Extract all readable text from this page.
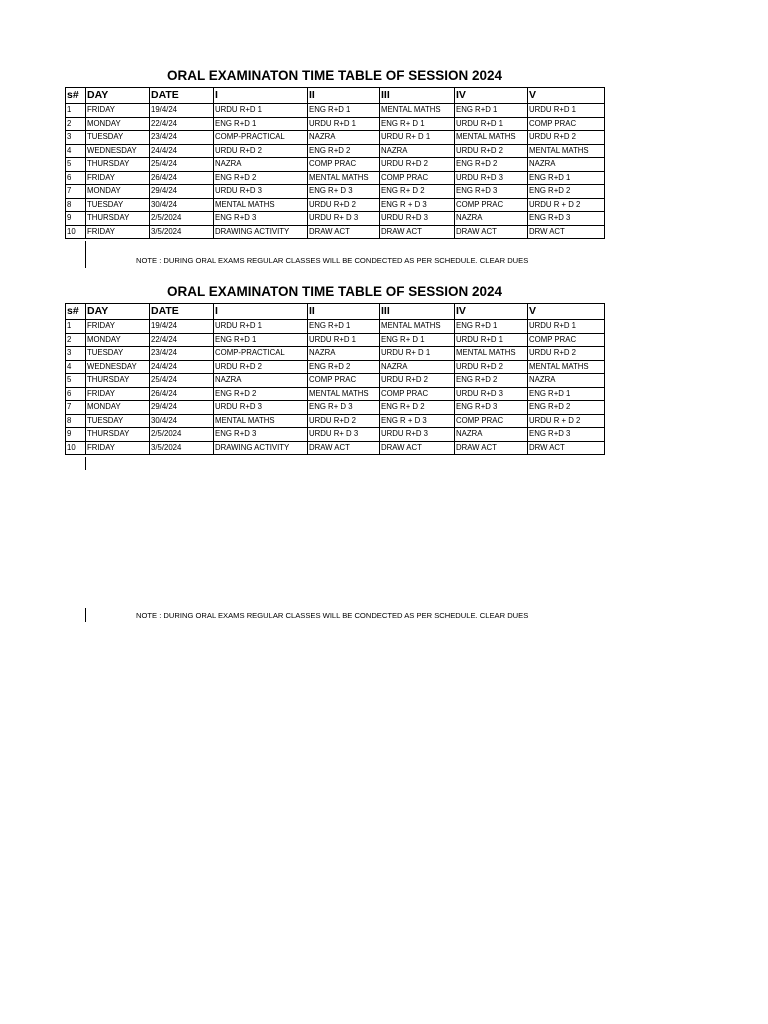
ORAL EXAMINATON TIME TABLE OF SESSION 2024
s#	DAY	DATE	I	II	III	IV	V
1	FRIDAY	19/4/24	URDU R+D 1	ENG R+D 1	MENTAL MATHS	ENG R+D 1	URDU R+D 1
2	MONDAY	22/4/24	ENG R+D 1	URDU R+D 1	ENG R+ D 1	URDU R+D 1	COMP PRAC
3	TUESDAY	23/4/24	COMP-PRACTICAL	NAZRA	URDU R+ D 1	MENTAL MATHS	URDU R+D 2
4	WEDNESDAY	24/4/24	URDU R+D 2	ENG R+D 2	NAZRA	URDU R+D 2	MENTAL MATHS
5	THURSDAY	25/4/24	NAZRA	COMP PRAC	URDU R+D 2	ENG R+D 2	NAZRA
6	FRIDAY	26/4/24	ENG R+D 2	MENTAL MATHS	COMP PRAC	URDU R+D 3	ENG R+D 1
7	MONDAY	29/4/24	URDU R+D 3	ENG R+ D 3	ENG R+ D 2	ENG R+D 3	ENG R+D 2
8	TUESDAY	30/4/24	MENTAL MATHS	URDU R+D 2	ENG R + D 3	COMP PRAC	URDU R + D 2
9	THURSDAY	2/5/2024	ENG R+D 3	URDU R+ D 3	URDU R+D 3	NAZRA	ENG R+D 3
10	FRIDAY	3/5/2024	DRAWING ACTIVITY	DRAW ACT	DRAW ACT	DRAW ACT	DRW ACT
NOTE : DURING ORAL EXAMS REGULAR CLASSES WILL BE CONDECTED AS PER SCHEDULE. CLEAR DUES
ORAL EXAMINATON TIME TABLE OF SESSION 2024
s#	DAY	DATE	I	II	III	IV	V
1	FRIDAY	19/4/24	URDU R+D 1	ENG R+D 1	MENTAL MATHS	ENG R+D 1	URDU R+D 1
2	MONDAY	22/4/24	ENG R+D 1	URDU R+D 1	ENG R+ D 1	URDU R+D 1	COMP PRAC
3	TUESDAY	23/4/24	COMP-PRACTICAL	NAZRA	URDU R+ D 1	MENTAL MATHS	URDU R+D 2
4	WEDNESDAY	24/4/24	URDU R+D 2	ENG R+D 2	NAZRA	URDU R+D 2	MENTAL MATHS
5	THURSDAY	25/4/24	NAZRA	COMP PRAC	URDU R+D 2	ENG R+D 2	NAZRA
6	FRIDAY	26/4/24	ENG R+D 2	MENTAL MATHS	COMP PRAC	URDU R+D 3	ENG R+D 1
7	MONDAY	29/4/24	URDU R+D 3	ENG R+ D 3	ENG R+ D 2	ENG R+D 3	ENG R+D 2
8	TUESDAY	30/4/24	MENTAL MATHS	URDU R+D 2	ENG R + D 3	COMP PRAC	URDU R + D 2
9	THURSDAY	2/5/2024	ENG R+D 3	URDU R+ D 3	URDU R+D 3	NAZRA	ENG R+D 3
10	FRIDAY	3/5/2024	DRAWING ACTIVITY	DRAW ACT	DRAW ACT	DRAW ACT	DRW ACT
NOTE : DURING ORAL EXAMS REGULAR CLASSES WILL BE CONDECTED AS PER SCHEDULE. CLEAR DUES
